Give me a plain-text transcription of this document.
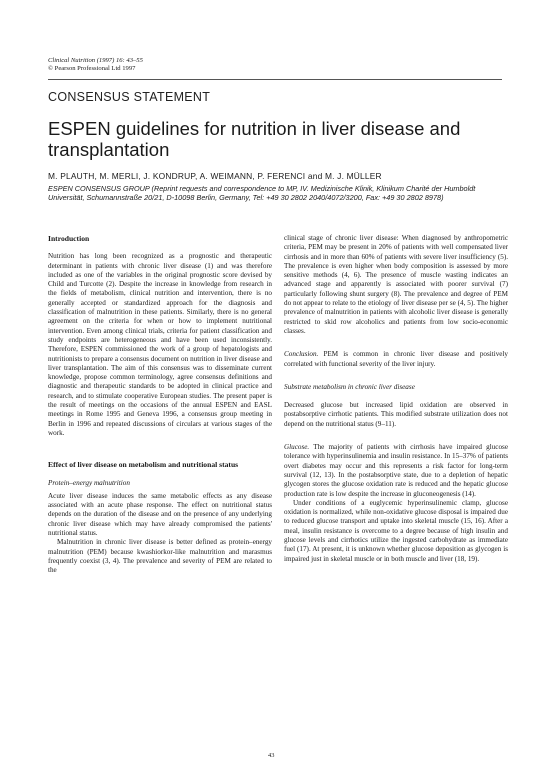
Clinical Nutrition (1997) 16: 43–55
© Pearson Professional Ltd 1997
CONSENSUS STATEMENT
ESPEN guidelines for nutrition in liver disease and transplantation
M. PLAUTH, M. MERLI, J. KONDRUP, A. WEIMANN, P. FERENCI and M. J. MÜLLER
ESPEN CONSENSUS GROUP (Reprint requests and correspondence to MP, IV. Medizinische Klinik, Klinikum Charité der Humboldt Universität, Schumannstraße 20/21, D-10098 Berlin, Germany, Tel: +49 30 2802 2040/4072/3200, Fax: +49 30 2802 8978)
Introduction

Nutrition has long been recognized as a prognostic and therapeutic determinant in patients with chronic liver disease (1) and was therefore included as one of the variables in the original prognostic score devised by Child and Turcotte (2). Despite the increase in knowledge from research in the fields of metabolism, clinical nutrition and intervention, there is no generally accepted or standardized approach for the diagnosis and classification of malnutrition in these patients. Similarly, there is no general agreement on the criteria for when or how to implement nutritional intervention. Even among clinical trials, criteria for patient classification and study endpoints are heterogeneous and have been used inconsistently. Therefore, ESPEN commissioned the work of a group of hepatologists and nutritionists to prepare a consensus document on nutrition in liver disease and liver transplantation. The aim of this consensus was to disseminate current knowledge, propose common terminology, agree consensus definitions and diagnostic and therapeutic standards to be adopted in clinical practice and research, and to stimulate cooperative European studies. The present paper is the result of meetings on the occasions of the annual ESPEN and EASL meetings in Rome 1995 and Geneva 1996, a consensus group meeting in Berlin in 1996 and repeated discussions of circulars at various stages of the work.

Effect of liver disease on metabolism and nutritional status
Protein–energy malnutrition

Acute liver disease induces the same metabolic effects as any disease associated with an acute phase response. The effect on nutritional status depends on the duration of the disease and on the presence of any underlying chronic liver disease which may have already compromised the patients' nutritional status.

Malnutrition in chronic liver disease is better defined as protein–energy malnutrition (PEM) because kwashiorkor-like malnutrition and marasmus frequently coexist (3, 4). The prevalence and severity of PEM are related to the

clinical stage of chronic liver disease: When diagnosed by anthropometric criteria, PEM may be present in 20% of patients with well compensated liver cirrhosis and in more than 60% of patients with severe liver insufficiency (5). The prevalence is even higher when body composition is assessed by more sensitive methods (4, 6). The presence of muscle wasting indicates an advanced stage and apparently is associated with poorer survival (7) particularly following shunt surgery (8). The prevalence and degree of PEM do not appear to relate to the etiology of liver disease per se (4, 5). The higher prevalence of malnutrition in patients with alcoholic liver disease is generally restricted to skid row alcoholics and patients from low socio-economic classes.

Conclusion. PEM is common in chronic liver disease and positively correlated with functional severity of the liver injury.

Substrate metabolism in chronic liver disease

Decreased glucose but increased lipid oxidation are observed in postabsorptive cirrhotic patients. This modified substrate utilization does not depend on the nutritional status (9–11).

Glucose. The majority of patients with cirrhosis have impaired glucose tolerance with hyperinsulinemia and insulin resistance. In 15–37% of patients overt diabetes may occur and this represents a risk factor for long-term survival (12, 13). In the postabsorptive state, due to a depletion of hepatic glycogen stores the glucose oxidation rate is reduced and the hepatic glucose production rate is low despite the increase in gluconeogenesis (14).

Under conditions of a euglycemic hyperinsulinemic clamp, glucose oxidation is normalized, while non-oxidative glucose disposal is impaired due to reduced glucose transport and uptake into skeletal muscle (15, 16). After a meal, insulin resistance is overcome to a degree because of high insulin and glucose levels and cirrhotics utilize the ingested carbohydrate as immediate fuel (17). At present, it is unknown whether glucose deposition as glycogen is impaired just in skeletal muscle or in both muscle and liver (18, 19).

43
